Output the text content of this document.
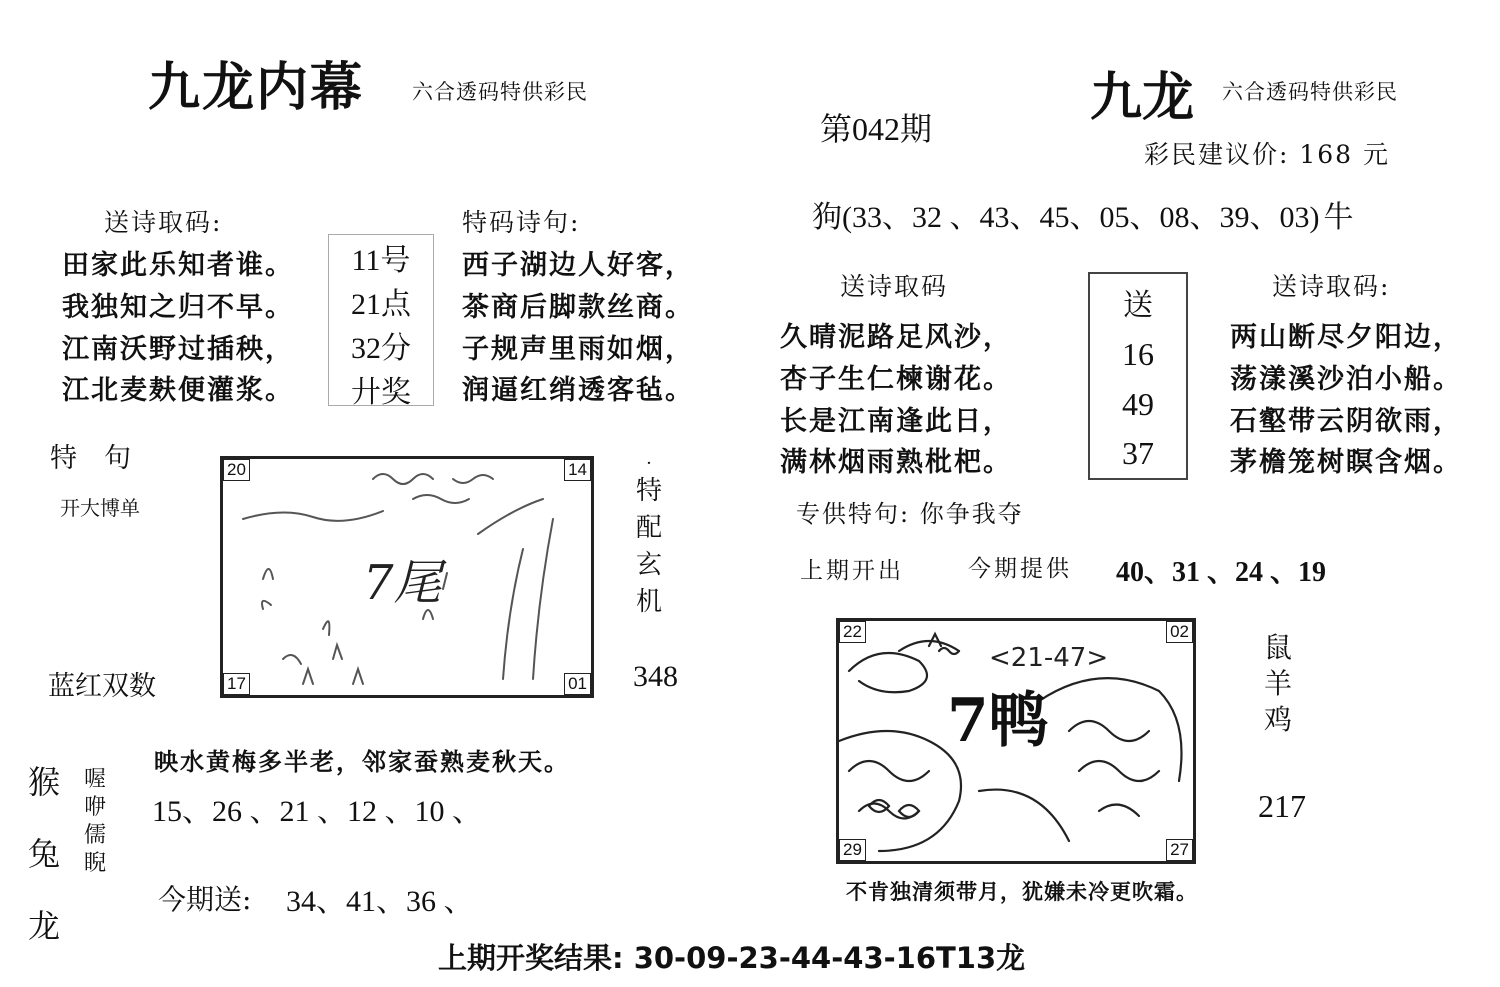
九龙内幕 六合透码特供彩民
送诗取码:
田家此乐知者谁。
我独知之归不早。
江南沃野过插秧，
江北麦麸便灌浆。
11号
21点
32分
廾奖
特码诗句:
西子湖边人好客，
茶商后脚款丝商。
子规声里雨如烟，
润逼红绡透客毡。
特　句
开大博单
7尾
20	14
17	01
蓝红双数
·
特
配
玄
机
348
猴
兔
龙
喔
咿
儒
睨
映水黄梅多半老，邻家蚕熟麦秋天。
15、26 、21 、12 、10 、
今期送: 34、41、36 、
九龙 六合透码特供彩民
第042期
彩民建议价: 168 元
狗(33、32 、43、45、05、08、39、03) 牛
送诗取码
久晴泥路足风沙，
杏子生仁楝谢花。
长是江南逢此日，
满林烟雨熟枇杷。
送
16
49
37
送诗取码:
两山断尽夕阳边，
荡漾溪沙泊小船。
石壑带云阴欲雨，
茅檐笼树瞑含烟。
专供特句: 你争我夺
上期开出	今期提供 40、31 、24 、19
<21-47>
7鸭
22	02
29	27
鼠
羊
鸡
217
不肯独清须带月，犹嫌未冷更吹霜。
上期开奖结果: 30-09-23-44-43-16T13龙
